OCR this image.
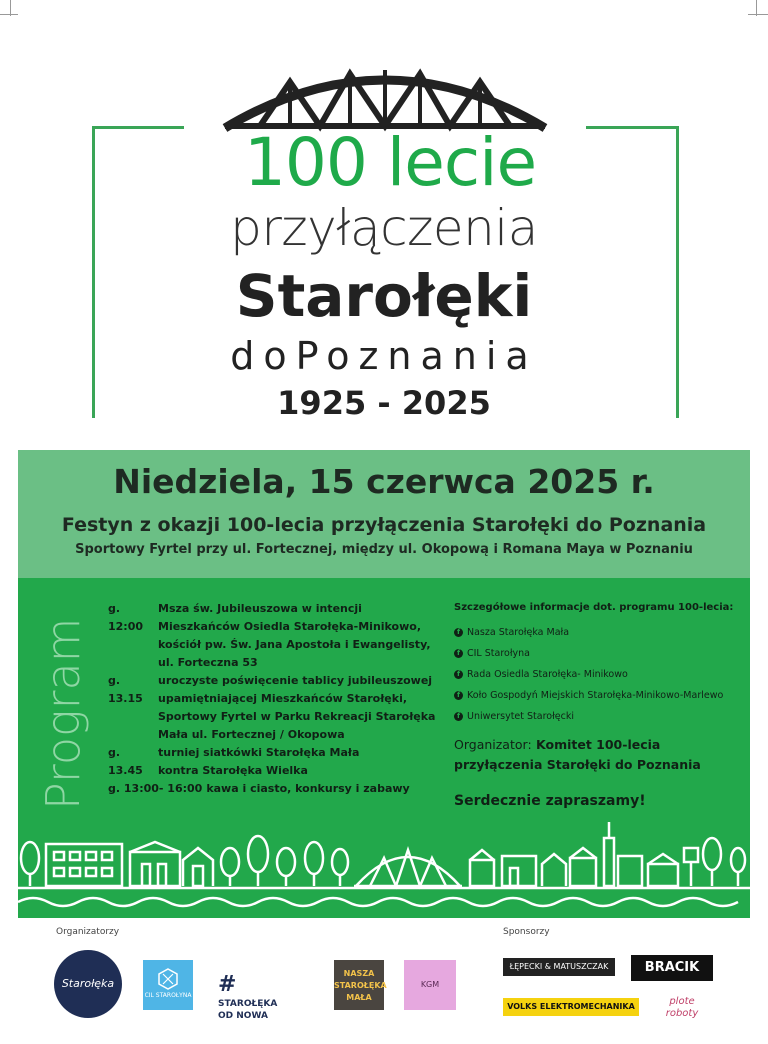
100 lecie
przyłączenia
Starołęki
doPoznania
1925 - 2025
Niedziela, 15 czerwca 2025 r.
Festyn z okazji 100-lecia przyłączenia Starołęki do Poznania
Sportowy Fyrtel przy ul. Fortecznej, między ul. Okopową i Romana Maya w Poznaniu
Program
g. 12:00
Msza św. Jubileuszowa w intencji
Mieszkańców Osiedla Starołęka-Minikowo,
kościół pw. Św. Jana Apostoła i Ewangelisty,
ul. Forteczna 53
g. 13.15
uroczyste poświęcenie tablicy jubileuszowej
upamiętniającej Mieszkańców Starołęki,
Sportowy Fyrtel w Parku Rekreacji Starołęka
Mała ul. Fortecznej / Okopowa
g. 13.45
turniej siatkówki Starołęka Mała
kontra Starołęka Wielka
g. 13:00- 16:00 kawa i ciasto, konkursy i zabawy
Szczegółowe informacje dot. programu 100-lecia:
f Nasza Starołęka Mała
f CIL Starołyna
f Rada Osiedla Starołęka- Minikowo
f Koło Gospodyń Miejskich Starołęka-Minikowo-Marlewo
f Uniwersytet Starołęcki
Organizator: Komitet 100-lecia przyłączenia Starołęki do Poznania
Serdecznie zapraszamy!
Organizatorzy	Sponsorzy
Starołęka
CIL STAROŁYNA #
STAROŁĘKA OD NOWA
NASZA STAROŁĘKA MAŁA
KGM
ŁĘPECKI & MATUSZCZAK	BRACIK
VOLKS ELEKTROMECHANIKA	plote roboty
